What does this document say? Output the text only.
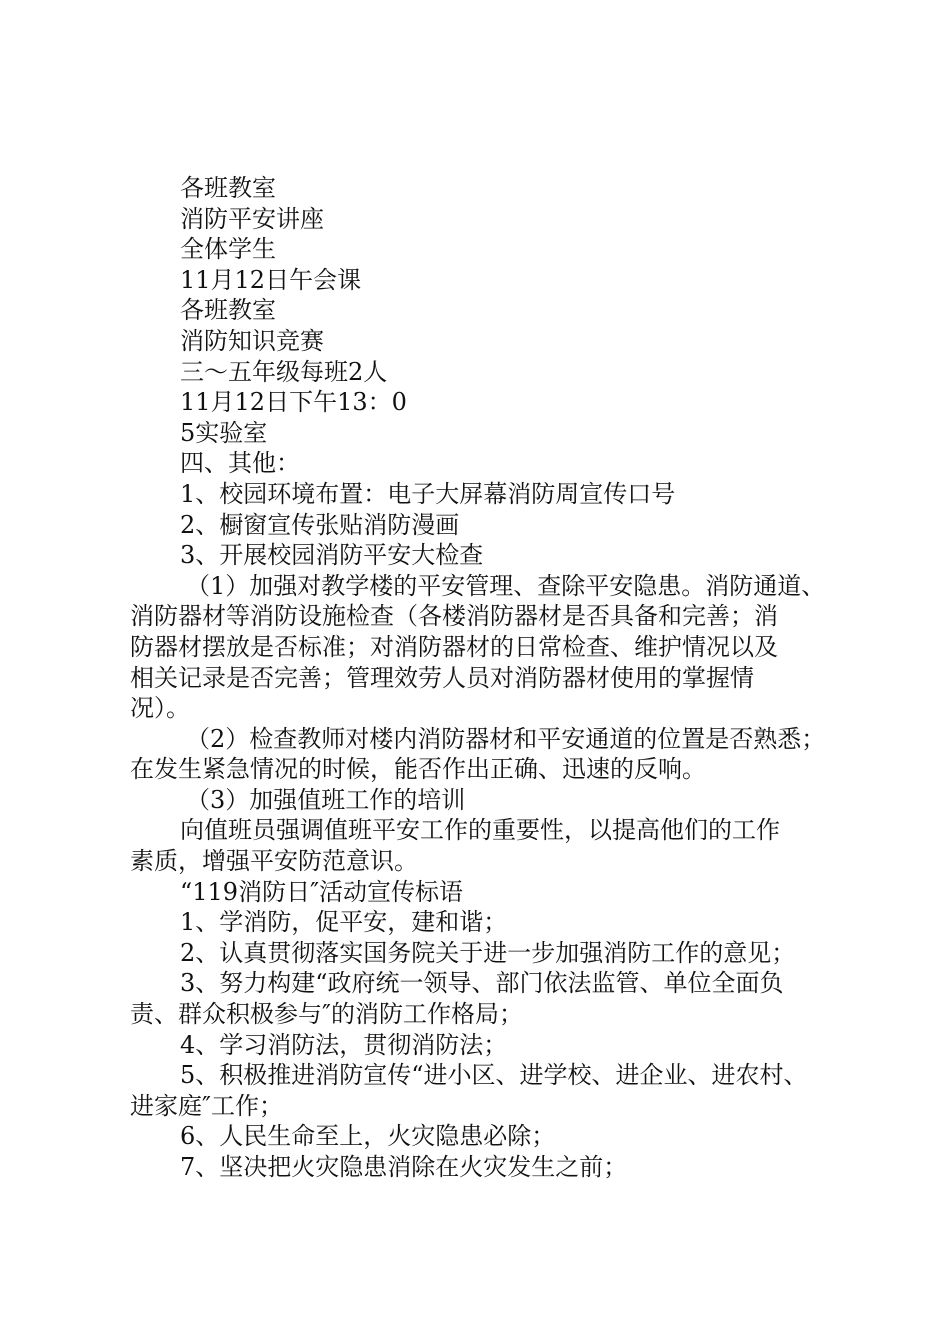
各班教室
消防平安讲座
全体学生
11月12日午会课
各班教室
消防知识竞赛
三～五年级每班2人
11月12日下午13：0
5实验室
四、其他：
1、校园环境布置：电子大屏幕消防周宣传口号
2、橱窗宣传张贴消防漫画
3、开展校园消防平安大检查
（1）加强对教学楼的平安管理、查除平安隐患。消防通道、
消防器材等消防设施检查（各楼消防器材是否具备和完善；消
防器材摆放是否标准；对消防器材的日常检查、维护情况以及
相关记录是否完善；管理效劳人员对消防器材使用的掌握情
况）。
（2）检查教师对楼内消防器材和平安通道的位置是否熟悉；
在发生紧急情况的时候，能否作出正确、迅速的反响。
（3）加强值班工作的培训
向值班员强调值班平安工作的重要性，以提高他们的工作
素质，增强平安防范意识。
“119消防日″活动宣传标语
1、学消防，促平安，建和谐；
2、认真贯彻落实国务院关于进一步加强消防工作的意见；
3、努力构建“政府统一领导、部门依法监管、单位全面负
责、群众积极参与″的消防工作格局；
4、学习消防法，贯彻消防法；
5、积极推进消防宣传“进小区、进学校、进企业、进农村、
进家庭″工作；
6、人民生命至上，火灾隐患必除；
7、坚决把火灾隐患消除在火灾发生之前；
